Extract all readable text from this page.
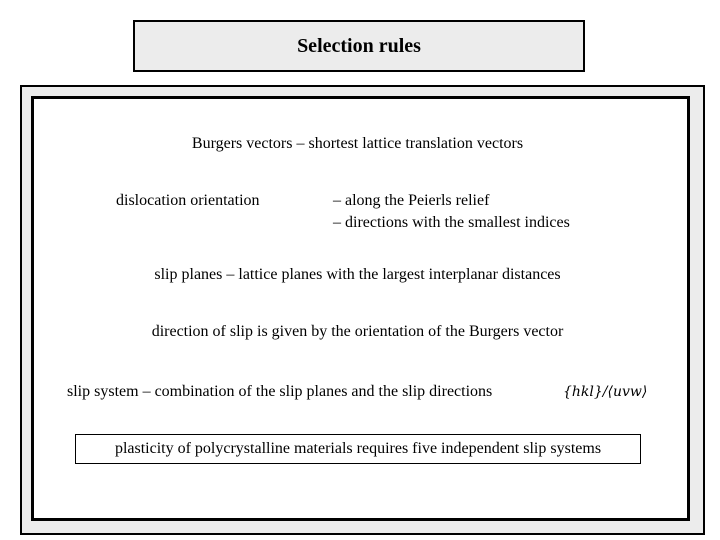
Selection rules
Burgers vectors – shortest lattice translation vectors
dislocation orientation	– along the Peierls relief
– directions with the smallest indices
slip planes – lattice planes with the largest interplanar distances
direction of slip is given by the orientation of the Burgers vector
slip system – combination of the slip planes and the slip directions	{hkl}/⟨uvw⟩
plasticity of polycrystalline materials requires five independent slip systems
